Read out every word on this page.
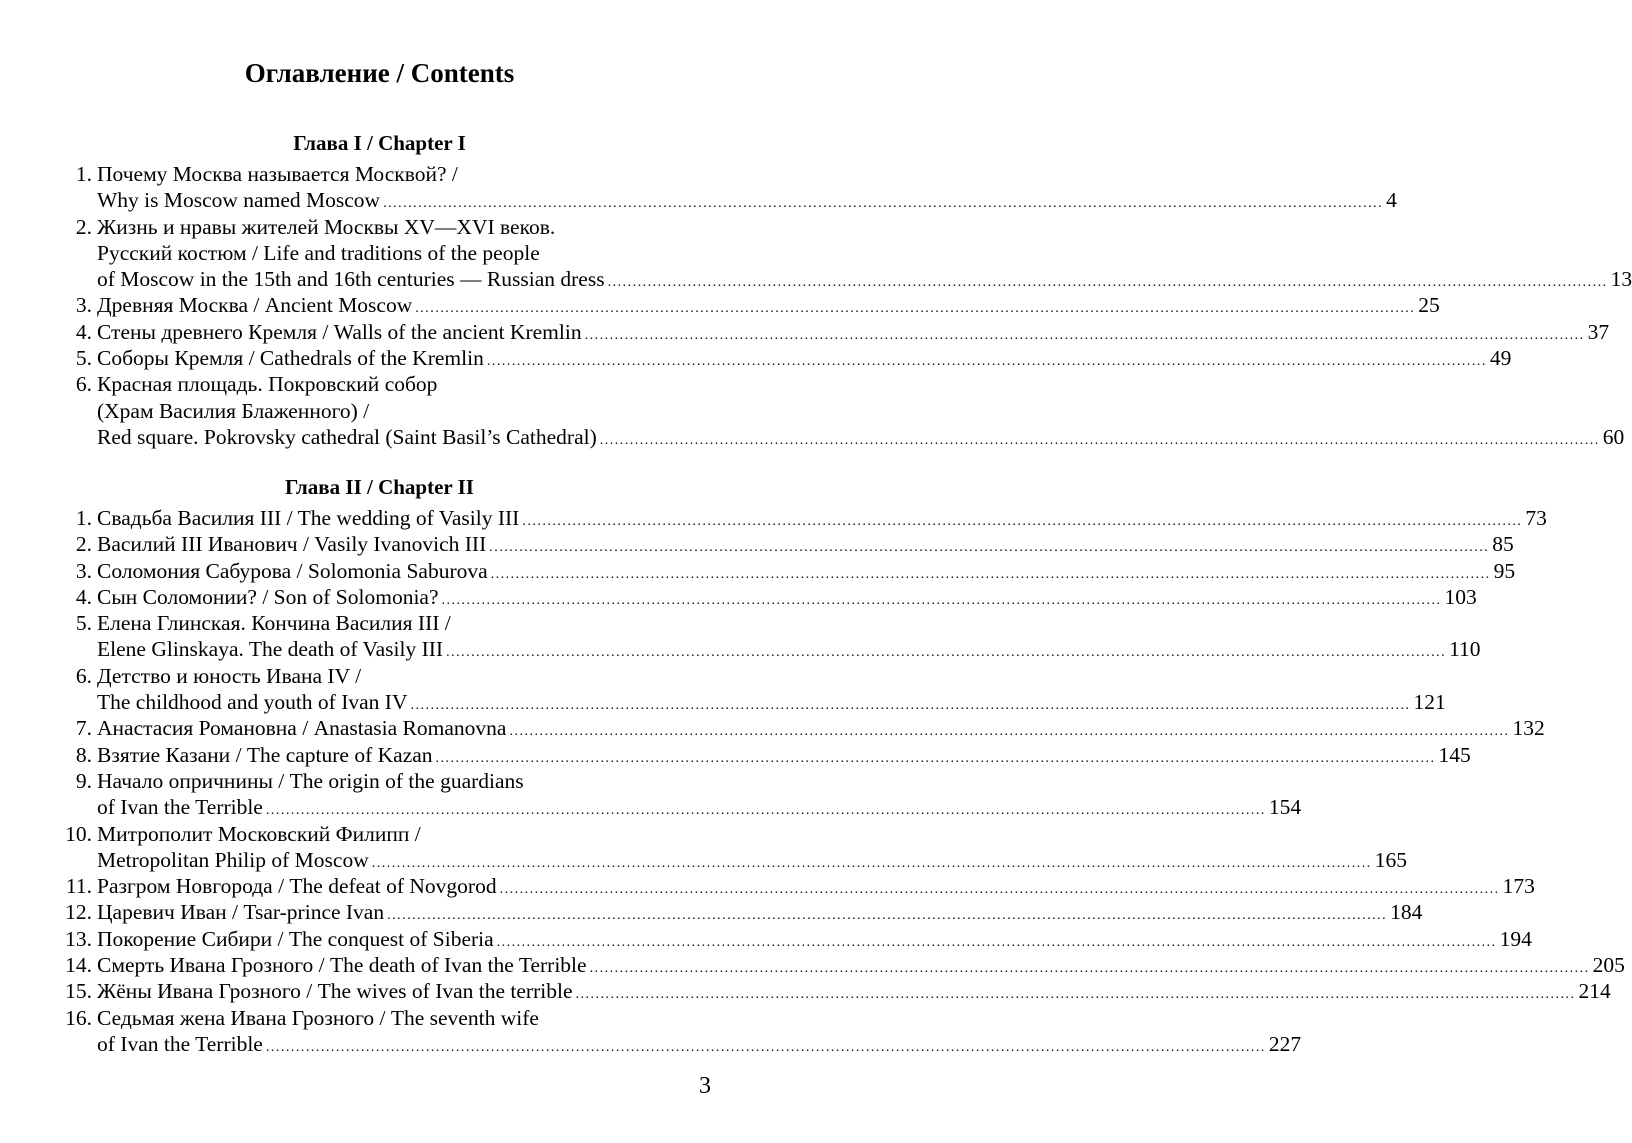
Оглавление / Contents
Глава I / Chapter I
1. Почему Москва называется Москвой? /
Why is Moscow named Moscow ........................................................................................................................................................................................................ 4
2. Жизнь и нравы жителей Москвы XV—XVI веков.
Русский костюм / Life and traditions of the people
of Moscow in the 15th and 16th centuries — Russian dress ........................................................................................................................................................................................................ 13
3. Древняя Москва / Ancient Moscow ........................................................................................................................................................................................................ 25
4. Стены древнего Кремля / Walls of the ancient Kremlin ........................................................................................................................................................................................................ 37
5. Соборы Кремля / Cathedrals of the Kremlin ........................................................................................................................................................................................................ 49
6. Красная площадь. Покровский собор
(Храм Василия Блаженного) /
Red square. Pokrovsky cathedral (Saint Basil’s Cathedral) ........................................................................................................................................................................................................ 60
Глава II / Chapter II
1. Свадьба Василия III / The wedding of Vasily III ........................................................................................................................................................................................................ 73
2. Василий III Иванович / Vasily Ivanovich III ........................................................................................................................................................................................................ 85
3. Соломония Сабурова / Solomonia Saburova ........................................................................................................................................................................................................ 95
4. Сын Соломонии? / Son of Solomonia? ........................................................................................................................................................................................................ 103
5. Елена Глинская. Кончина Василия III /
Elene Glinskaya. The death of Vasily III ........................................................................................................................................................................................................ 110
6. Детство и юность Ивана IV /
The childhood and youth of Ivan IV ........................................................................................................................................................................................................ 121
7. Анастасия Романовна / Anastasia Romanovna ........................................................................................................................................................................................................ 132
8. Взятие Казани / The capture of Kazan ........................................................................................................................................................................................................ 145
9. Начало опричнины / The origin of the guardians
of Ivan the Terrible ........................................................................................................................................................................................................ 154
10. Митрополит Московский Филипп /
Metropolitan Philip of Moscow ........................................................................................................................................................................................................ 165
11. Разгром Новгорода / The defeat of Novgorod ........................................................................................................................................................................................................ 173
12. Царевич Иван / Tsar-prince Ivan ........................................................................................................................................................................................................ 184
13. Покорение Сибири / The conquest of Siberia ........................................................................................................................................................................................................ 194
14. Смерть Ивана Грозного / The death of Ivan the Terrible ........................................................................................................................................................................................................ 205
15. Жёны Ивана Грозного / The wives of Ivan the terrible ........................................................................................................................................................................................................ 214
16. Седьмая жена Ивана Грозного / The seventh wife
of Ivan the Terrible ........................................................................................................................................................................................................ 227
3
